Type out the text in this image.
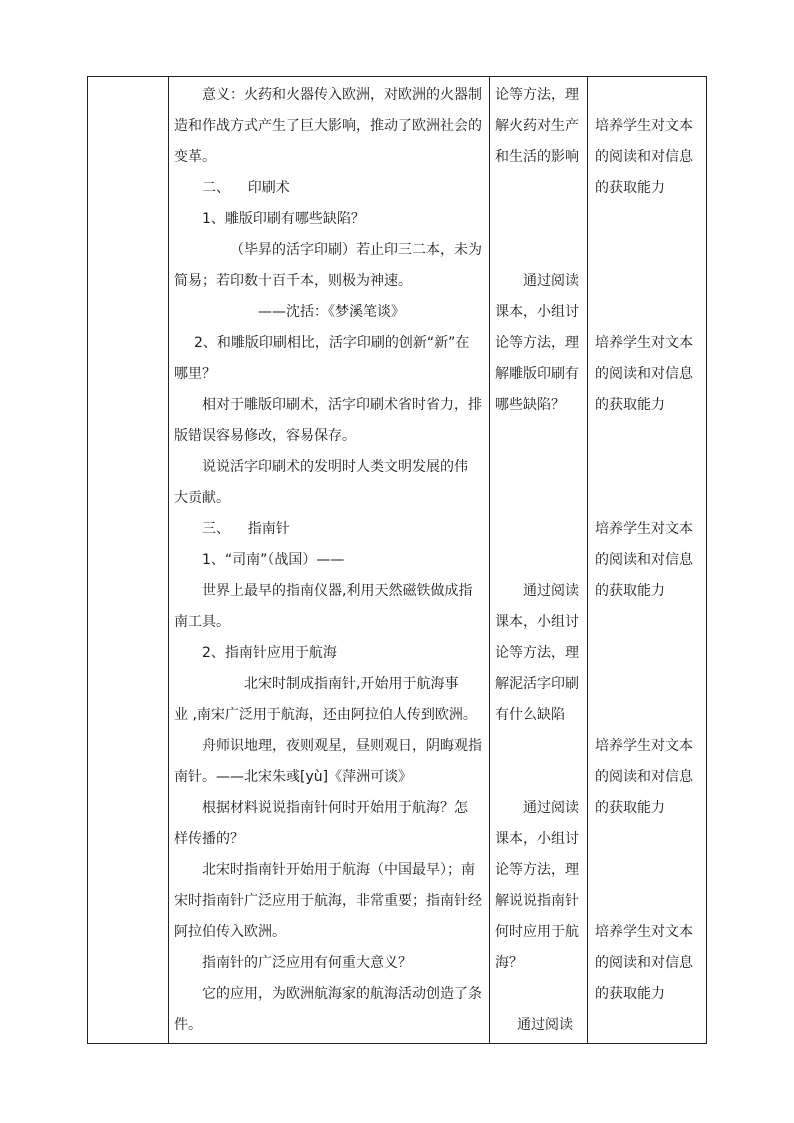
意义：火药和火器传入欧洲，对欧洲的火器制
造和作战方式产生了巨大影响，推动了欧洲社会的
变革。
二、    印刷术
1、雕版印刷有哪些缺陷？
（毕昇的活字印刷）若止印三二本，未为
简易；若印数十百千本，则极为神速。
——沈括：《梦溪笔谈》
2、和雕版印刷相比，活字印刷的创新“新”在
哪里？
相对于雕版印刷术，活字印刷术省时省力，排
版错误容易修改，容易保存。
说说活字印刷术的发明时人类文明发展的伟
大贡献。
三、    指南针
1、“司南”（战国）——
世界上最早的指南仪器,利用天然磁铁做成指
南工具。
2、指南针应用于航海
北宋时制成指南针,开始用于航海事
业 ,南宋广泛用于航海，还由阿拉伯人传到欧洲。
舟师识地理，夜则观星，昼则观日，阴晦观指
南针。——北宋朱彧[yù]《萍洲可谈》
根据材料说说指南针何时开始用于航海？怎
样传播的？
北宋时指南针开始用于航海（中国最早）；南
宋时指南针广泛应用于航海，非常重要；指南针经
阿拉伯传入欧洲。
指南针的广泛应用有何重大意义？
它的应用，为欧洲航海家的航海活动创造了条
件。
论等方法，理
解火药对生产
和生活的影响
通过阅读
课本，小组讨
论等方法，理
解雕版印刷有
哪些缺陷？
通过阅读
课本，小组讨
论等方法，理
解泥活字印刷
有什么缺陷
通过阅读
课本，小组讨
论等方法，理
解说说指南针
何时应用于航
海？
通过阅读
培养学生对文本
的阅读和对信息
的获取能力
培养学生对文本
的阅读和对信息
的获取能力
培养学生对文本
的阅读和对信息
的获取能力
培养学生对文本
的阅读和对信息
的获取能力
培养学生对文本
的阅读和对信息
的获取能力
